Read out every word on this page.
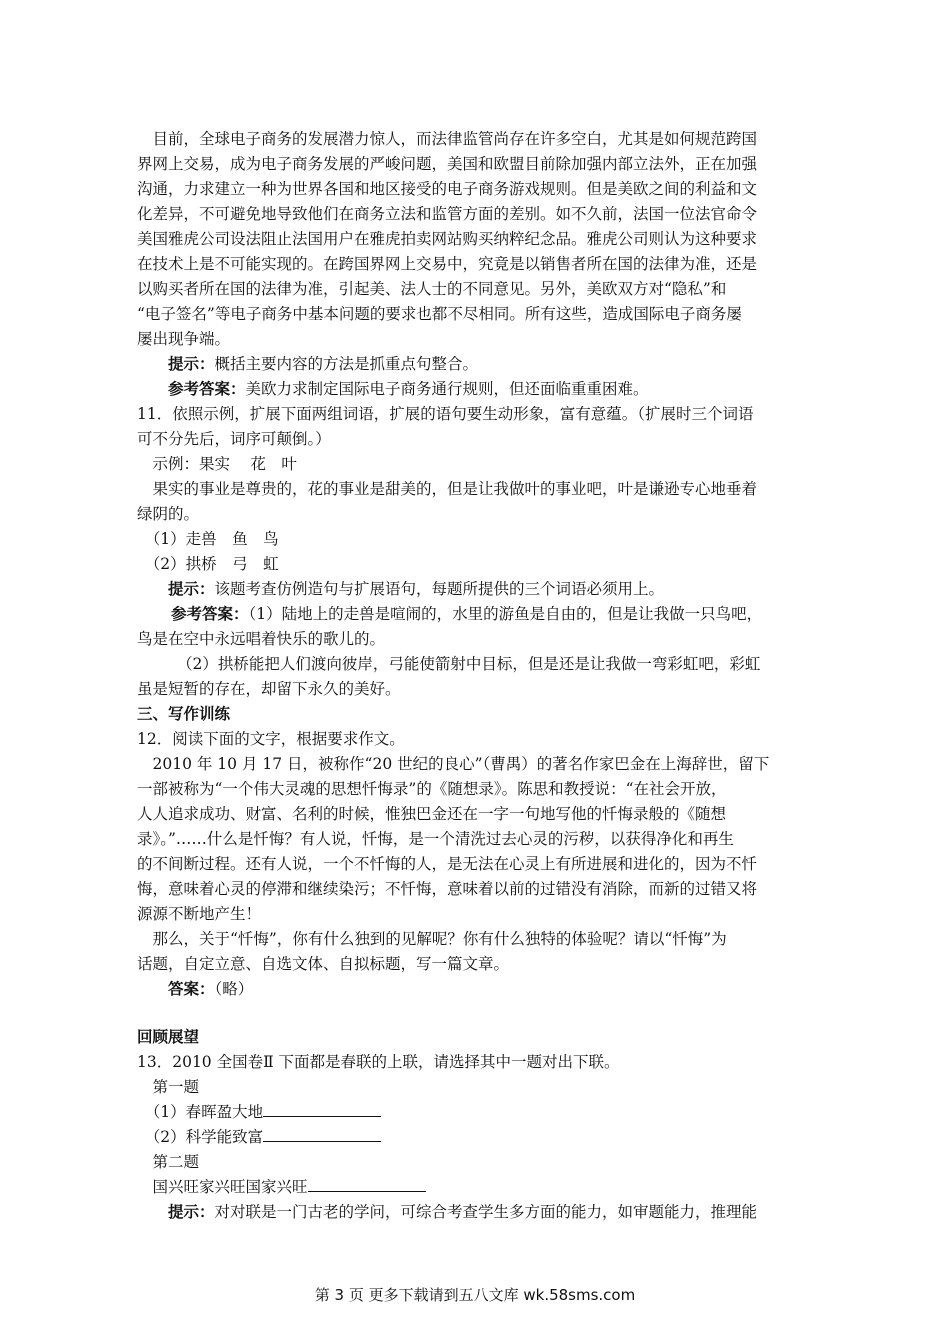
　目前，全球电子商务的发展潜力惊人，而法律监管尚存在许多空白，尤其是如何规范跨国
界网上交易，成为电子商务发展的严峻问题，美国和欧盟目前除加强内部立法外，正在加强
沟通，力求建立一种为世界各国和地区接受的电子商务游戏规则。但是美欧之间的利益和文
化差异，不可避免地导致他们在商务立法和监管方面的差别。如不久前，法国一位法官命令
美国雅虎公司设法阻止法国用户在雅虎拍卖网站购买纳粹纪念品。雅虎公司则认为这种要求
在技术上是不可能实现的。在跨国界网上交易中，究竟是以销售者所在国的法律为准，还是
以购买者所在国的法律为准，引起美、法人士的不同意见。另外，美欧双方对“隐私”和
“电子签名”等电子商务中基本问题的要求也都不尽相同。所有这些，造成国际电子商务屡
屡出现争端。
提示：概括主要内容的方法是抓重点句整合。
参考答案：美欧力求制定国际电子商务通行规则，但还面临重重困难。
11．依照示例，扩展下面两组词语，扩展的语句要生动形象，富有意蕴。（扩展时三个词语
可不分先后，词序可颠倒。）
　示例：果实　 花　叶
　果实的事业是尊贵的，花的事业是甜美的，但是让我做叶的事业吧，叶是谦逊专心地垂着
绿阴的。
　（1）走兽　鱼　鸟
　（2）拱桥　弓　虹
提示：该题考查仿例造句与扩展语句，每题所提供的三个词语必须用上。
参考答案：（1）陆地上的走兽是喧闹的，水里的游鱼是自由的，但是让我做一只鸟吧，
鸟是在空中永远唱着快乐的歌儿的。
（2）拱桥能把人们渡向彼岸，弓能使箭射中目标，但是还是让我做一弯彩虹吧，彩虹
虽是短暂的存在，却留下永久的美好。
三、写作训练
12．阅读下面的文字，根据要求作文。
　2010 年 10 月 17 日，被称作“20 世纪的良心”（曹禺）的著名作家巴金在上海辞世，留下
一部被称为“一个伟大灵魂的思想忏悔录”的《随想录》。陈思和教授说：“在社会开放，
人人追求成功、财富、名利的时候，惟独巴金还在一字一句地写他的忏悔录般的《随想
录》。”……什么是忏悔？有人说，忏悔，是一个清洗过去心灵的污秽，以获得净化和再生
的不间断过程。还有人说，一个不忏悔的人，是无法在心灵上有所进展和进化的，因为不忏
悔，意味着心灵的停滞和继续染污；不忏悔，意味着以前的过错没有消除，而新的过错又将
源源不断地产生！
　那么，关于“忏悔”，你有什么独到的见解呢？你有什么独特的体验呢？请以“忏悔”为
话题，自定立意、自选文体、自拟标题，写一篇文章。
答案：（略）
回顾展望
13．2010 全国卷Ⅱ 下面都是春联的上联，请选择其中一题对出下联。
　第一题
　（1）春晖盈大地
　（2）科学能致富
　第二题
　国兴旺家兴旺国家兴旺
提示：对对联是一门古老的学问，可综合考查学生多方面的能力，如审题能力，推理能
第 3 页 更多下载请到五八文库 wk.58sms.com
